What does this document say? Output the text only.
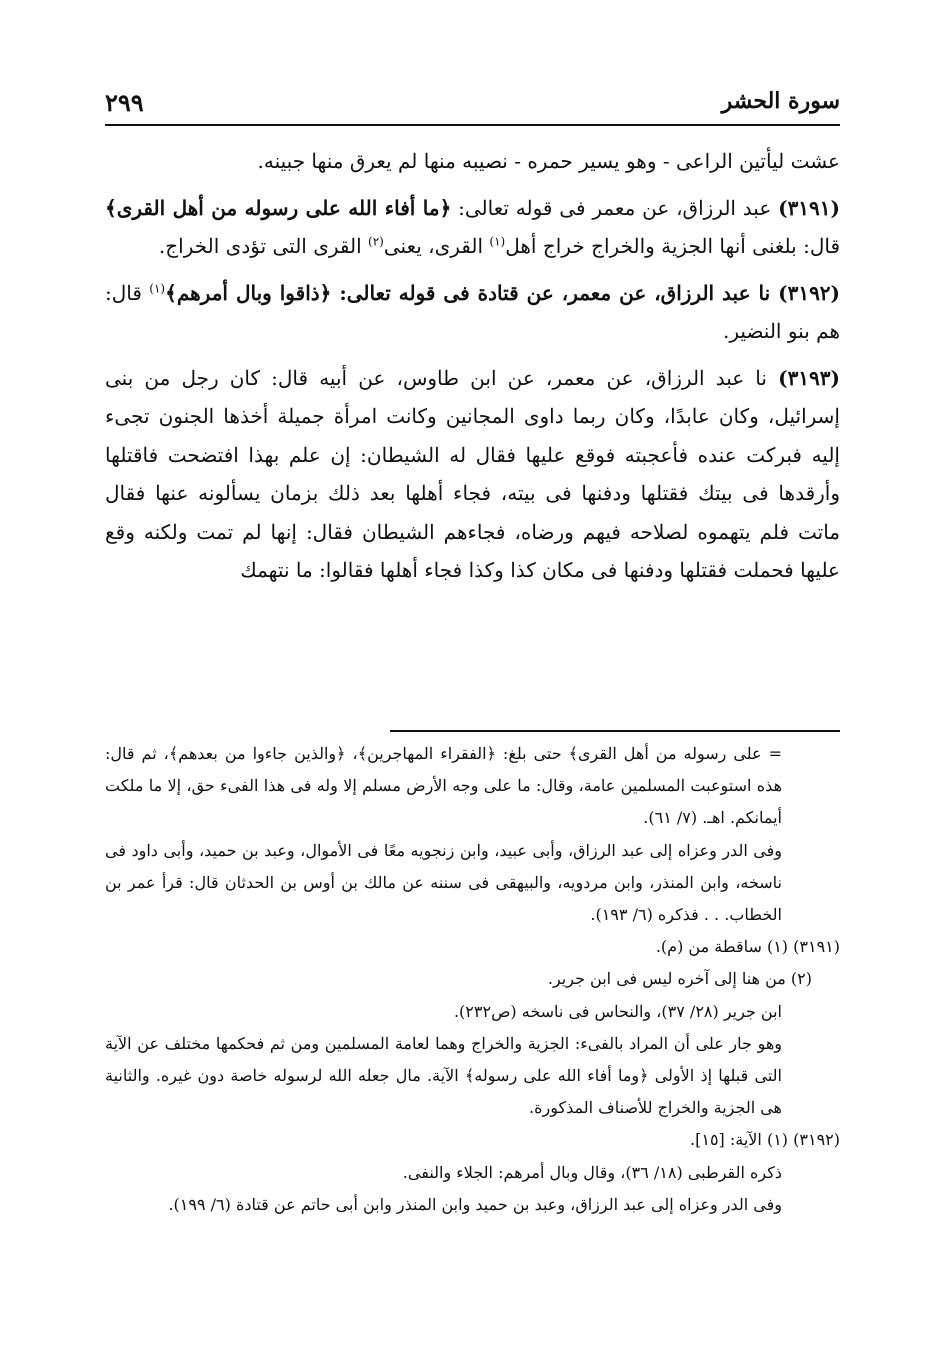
سورة الحشر
٢٩٩

عشت ليأتين الراعى - وهو يسير حمره - نصيبه منها لم يعرق منها جبينه.

(٣١٩١) عبد الرزاق، عن معمر فى قوله تعالى: ﴿ما أفاء الله على رسوله من أهل القرى﴾ قال: بلغنى أنها الجزية والخراج خراج أهل$^{(١)}$ القرى، يعنى$^{(٢)}$ القرى التى تؤدى الخراج.

(٣١٩٢) نا عبد الرزاق، عن معمر، عن قتادة فى قوله تعالى: ﴿ذاقوا وبال أمرهم﴾$^{(١)}$ قال: هم بنو النضير.

(٣١٩٣) نا عبد الرزاق، عن معمر، عن ابن طاوس، عن أبيه قال: كان رجل من بنى إسرائيل، وكان عابدًا، وكان ربما داوى المجانين وكانت امرأة جميلة أخذها الجنون تجىء إليه فبركت عنده فأعجبته فوقع عليها فقال له الشيطان: إن علم بهذا افتضحت فاقتلها وأرقدها فى بيتك فقتلها ودفنها فى بيته، فجاء أهلها بعد ذلك بزمان يسألونه عنها فقال ماتت فلم يتهموه لصلاحه فيهم ورضاه، فجاءهم الشيطان فقال: إنها لم تمت ولكنه وقع عليها فحملت فقتلها ودفنها فى مكان كذا وكذا فجاء أهلها فقالوا: ما نتهمك

= على رسوله من أهل القرى﴾ حتى بلغ: ﴿الفقراء المهاجرين﴾، ﴿والذين جاءوا من بعدهم﴾، ثم قال: هذه استوعبت المسلمين عامة، وقال: ما على وجه الأرض مسلم إلا وله فى هذا الفىء حق، إلا ما ملكت أيمانكم. اهـ. (٧/ ٦١).

وفى الدر وعزاه إلى عبد الرزاق، وأبى عبيد، وابن زنجويه معًا فى الأموال، وعبد بن حميد، وأبى داود فى ناسخه، وابن المنذر، وابن مردويه، والبيهقى فى سننه عن مالك بن أوس بن الحدثان قال: قرأ عمر بن الخطاب. . . فذكره (٦/ ١٩٣).

(٣١٩١) (١) ساقطة من (م).

(٢) من هنا إلى آخره ليس فى ابن جرير.

ابن جرير (٢٨/ ٣٧)، والنحاس فى ناسخه (ص٢٣٢).

وهو جار على أن المراد بالفىء: الجزية والخراج وهما لعامة المسلمين ومن ثم فحكمها مختلف عن الآية التى قبلها إذ الأولى ﴿وما أفاء الله على رسوله﴾ الآية. مال جعله الله لرسوله خاصة دون غيره. والثانية هى الجزية والخراج للأصناف المذكورة.

(٣١٩٢) (١) الآية: [١٥].

ذكره القرطبى (١٨/ ٣٦)، وقال وبال أمرهم: الجلاء والنفى.

وفى الدر وعزاه إلى عبد الرزاق، وعبد بن حميد وابن المنذر وابن أبى حاتم عن قتادة (٦/ ١٩٩).
